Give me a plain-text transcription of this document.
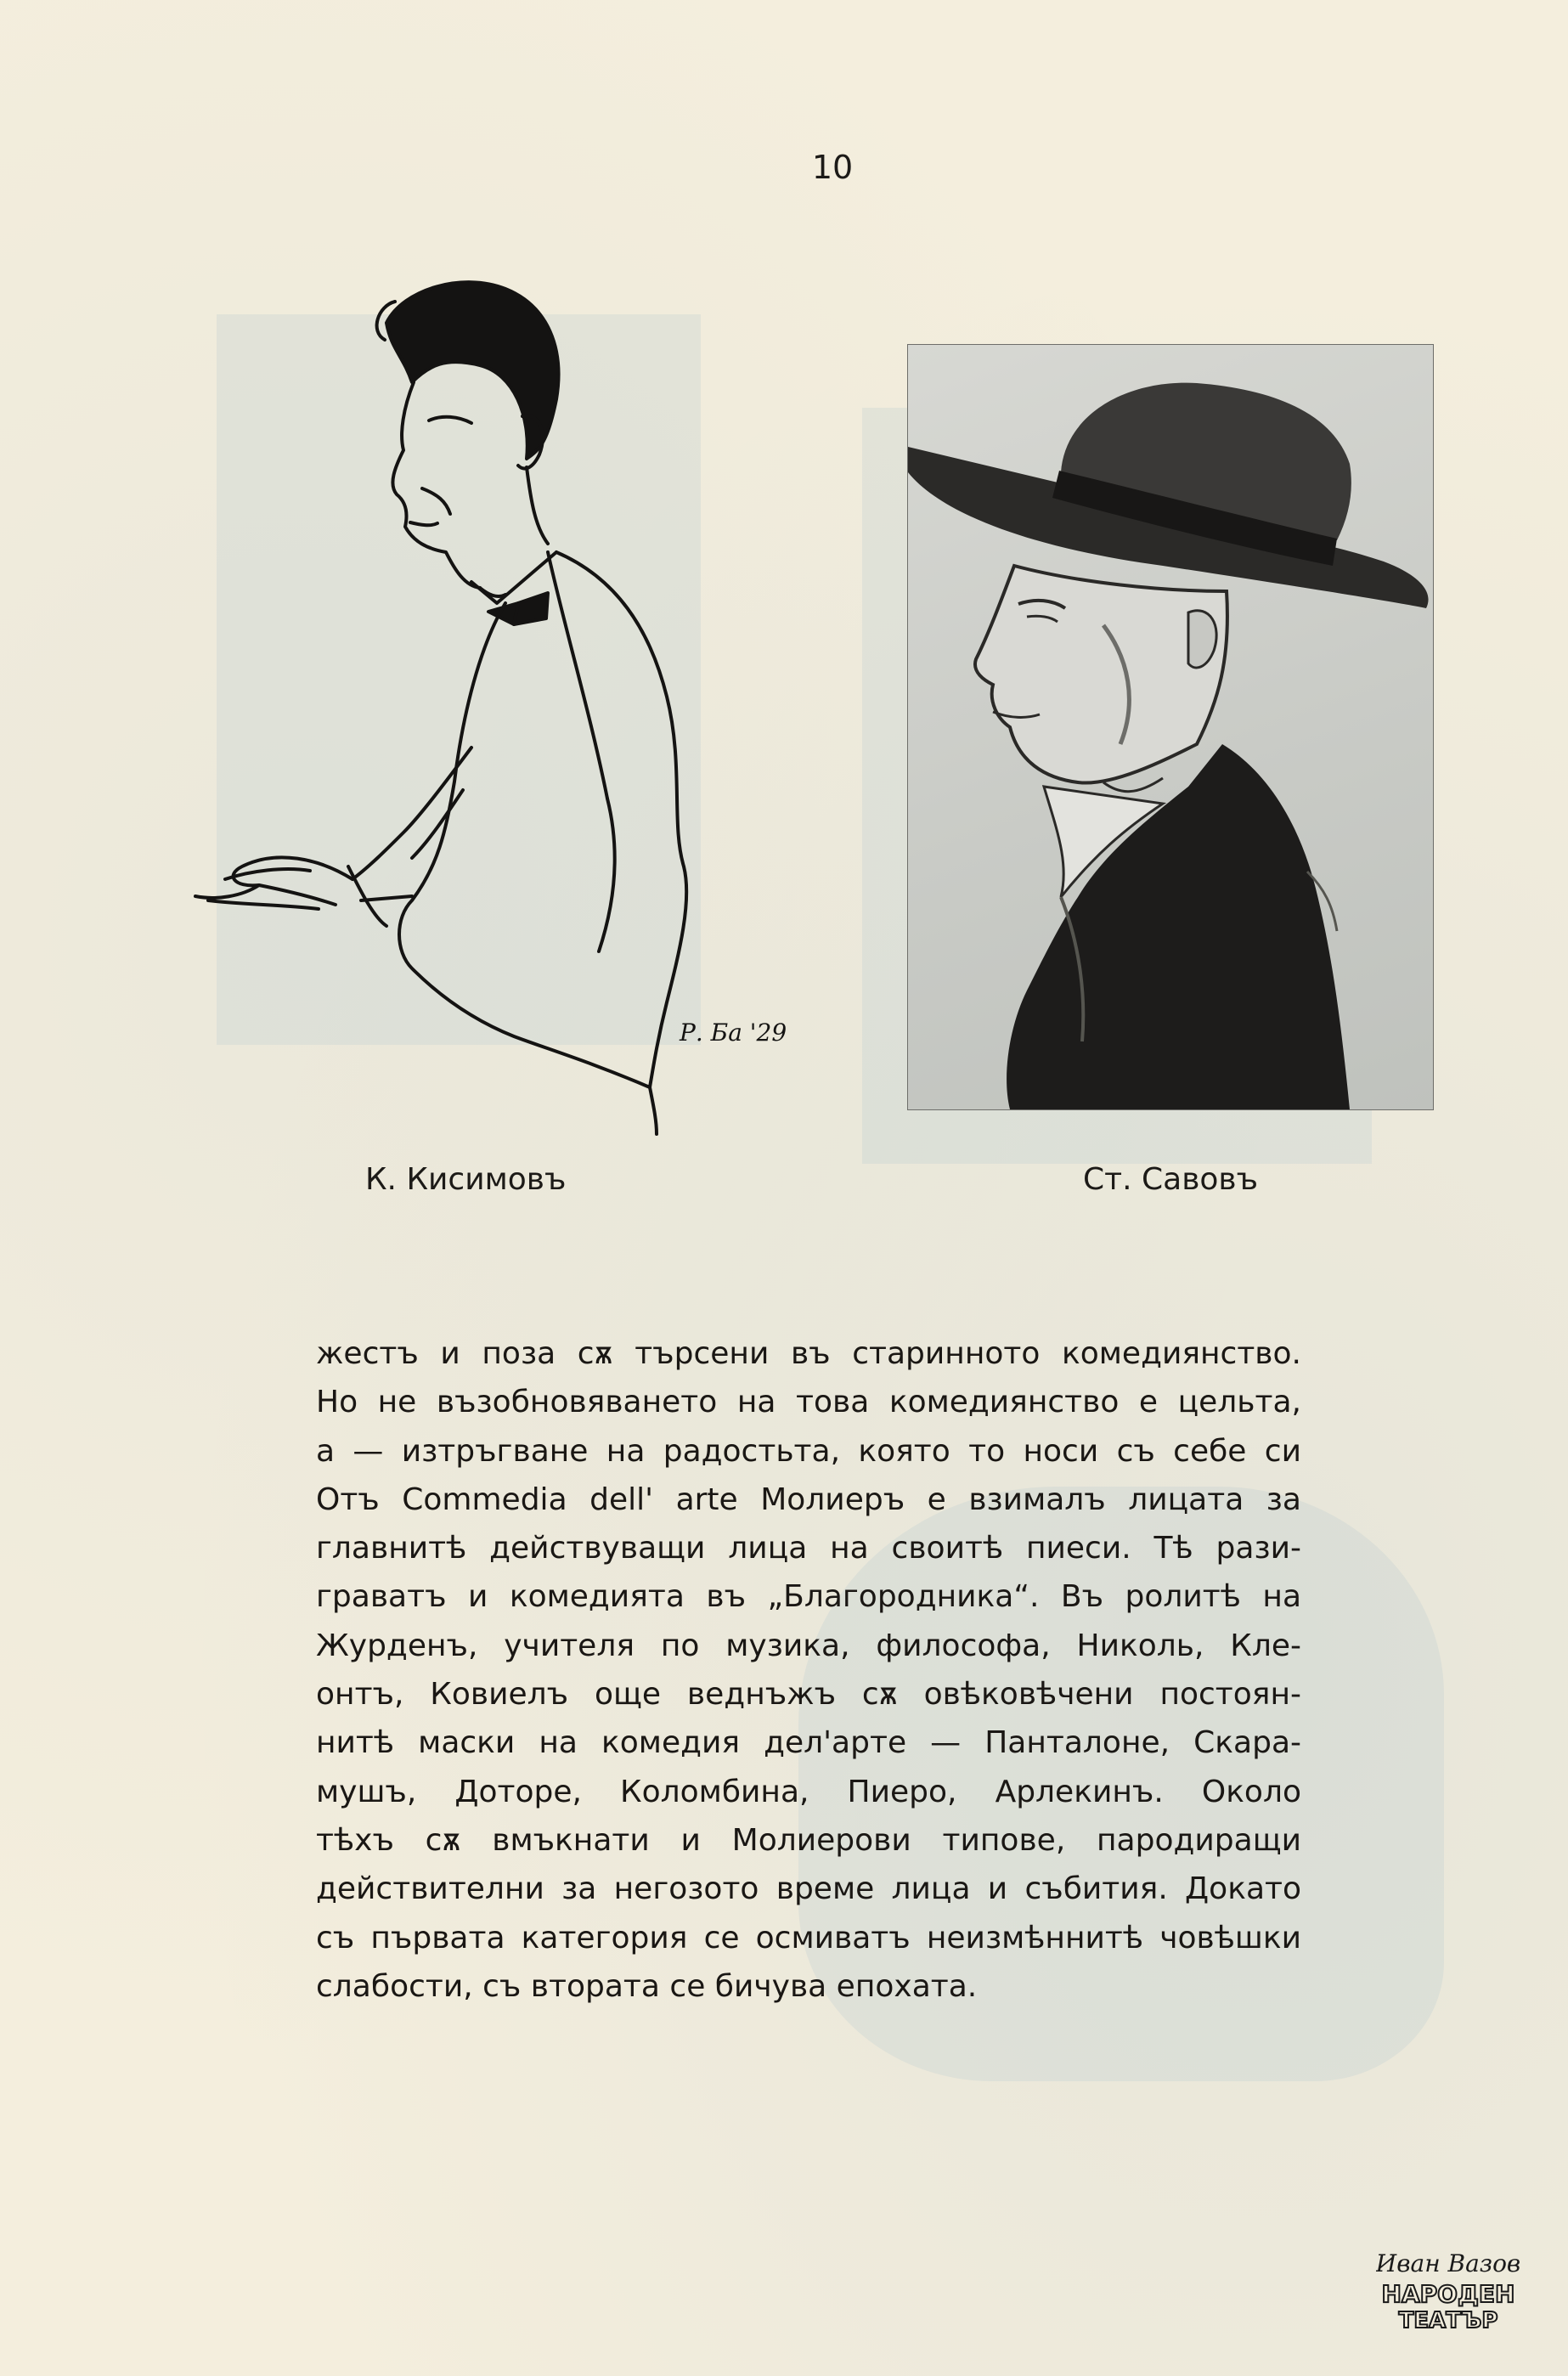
10
Р. Ба '29
К. Кисимовъ	Ст. Савовъ
жестъ и поза сѫ търсени въ старинното комедиянство.
Но не възобновяването на това комедиянство е цельта,
а — изтръгване на радостьта, която то носи съ себе си
Отъ Commedia dell' arte Молиеръ е взималъ лицата за
главнитѣ действуващи лица на своитѣ пиеси. Тѣ рази-
граватъ и комедията въ „Благородника“. Въ ролитѣ на
Журденъ, учителя по музика, философа, Николь, Кле-
онтъ, Ковиелъ още веднъжъ сѫ овѣковѣчени постоян-
нитѣ маски на комедия дел'арте — Панталоне, Скара-
мушъ, Доторе, Коломбина, Пиеро, Арлекинъ. Около
тѣхъ сѫ вмъкнати и Молиерови типове, пародиращи
действителни за негозото време лица и събития. Докато
съ първата категория се осмиватъ неизмѣннитѣ човѣшки
слабости, съ втората се бичува епохата.
Иван Вазов
НАРОДЕН
ТЕАТЪР
